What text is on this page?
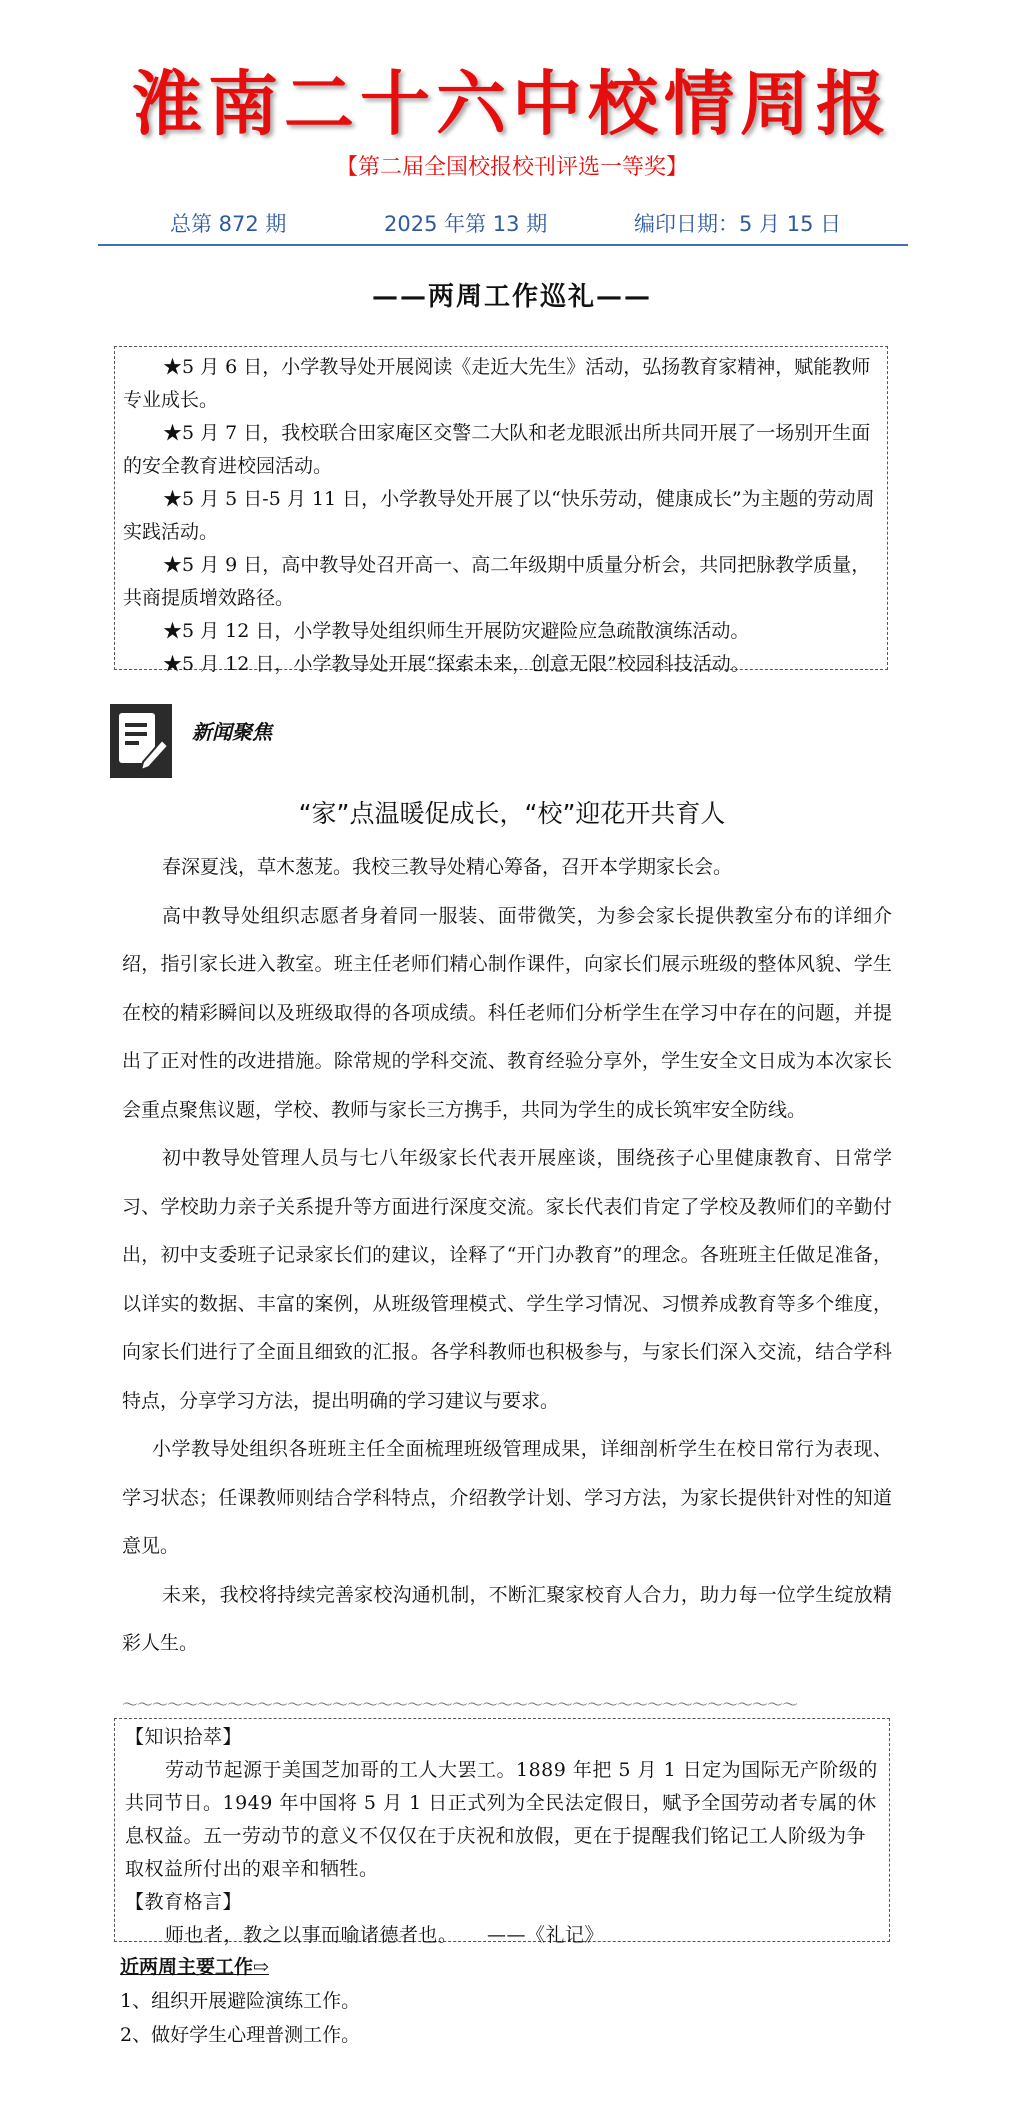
淮南二十六中校情周报
【第二届全国校报校刊评选一等奖】
总第 872 期	2025 年第 13 期	编印日期：5 月 15 日
——两周工作巡礼——

★5 月 6 日，小学教导处开展阅读《走近大先生》活动，弘扬教育家精神，赋能教师专业成长。

★5 月 7 日，我校联合田家庵区交警二大队和老龙眼派出所共同开展了一场别开生面的安全教育进校园活动。

★5 月 5 日-5 月 11 日，小学教导处开展了以“快乐劳动，健康成长”为主题的劳动周实践活动。

★5 月 9 日，高中教导处召开高一、高二年级期中质量分析会，共同把脉教学质量，共商提质增效路径。

★5 月 12 日，小学教导处组织师生开展防灾避险应急疏散演练活动。

★5 月 12 日，小学教导处开展“探索未来，创意无限”校园科技活动。

新闻聚焦
“家”点温暖促成长，“校”迎花开共育人

春深夏浅，草木葱茏。我校三教导处精心筹备，召开本学期家长会。

高中教导处组织志愿者身着同一服装、面带微笑，为参会家长提供教室分布的详细介绍，指引家长进入教室。班主任老师们精心制作课件，向家长们展示班级的整体风貌、学生在校的精彩瞬间以及班级取得的各项成绩。科任老师们分析学生在学习中存在的问题，并提出了正对性的改进措施。除常规的学科交流、教育经验分享外，学生安全文日成为本次家长会重点聚焦议题，学校、教师与家长三方携手，共同为学生的成长筑牢安全防线。

初中教导处管理人员与七八年级家长代表开展座谈，围绕孩子心里健康教育、日常学习、学校助力亲子关系提升等方面进行深度交流。家长代表们肯定了学校及教师们的辛勤付出，初中支委班子记录家长们的建议，诠释了“开门办教育”的理念。各班班主任做足准备，以详实的数据、丰富的案例，从班级管理模式、学生学习情况、习惯养成教育等多个维度，向家长们进行了全面且细致的汇报。各学科教师也积极参与，与家长们深入交流，结合学科特点，分享学习方法，提出明确的学习建议与要求。

小学教导处组织各班班主任全面梳理班级管理成果，详细剖析学生在校日常行为表现、学习状态；任课教师则结合学科特点，介绍教学计划、学习方法，为家长提供针对性的知道意见。

未来，我校将持续完善家校沟通机制，不断汇聚家校育人合力，助力每一位学生绽放精彩人生。

～～～～～～～～～～～～～～～～～～～～～～～～～～～～～～～～～～～～～～～～～～～～～

【知识拾萃】

劳动节起源于美国芝加哥的工人大罢工。1889 年把 5 月 1 日定为国际无产阶级的共同节日。1949 年中国将 5 月 1 日正式列为全民法定假日，赋予全国劳动者专属的休息权益。五一劳动节的意义不仅仅在于庆祝和放假，更在于提醒我们铭记工人阶级为争取权益所付出的艰辛和牺牲。

【教育格言】

师也者，教之以事而喻诸德者也。　　——《礼记》

近两周主要工作⇨

1、组织开展避险演练工作。

2、做好学生心理普测工作。
